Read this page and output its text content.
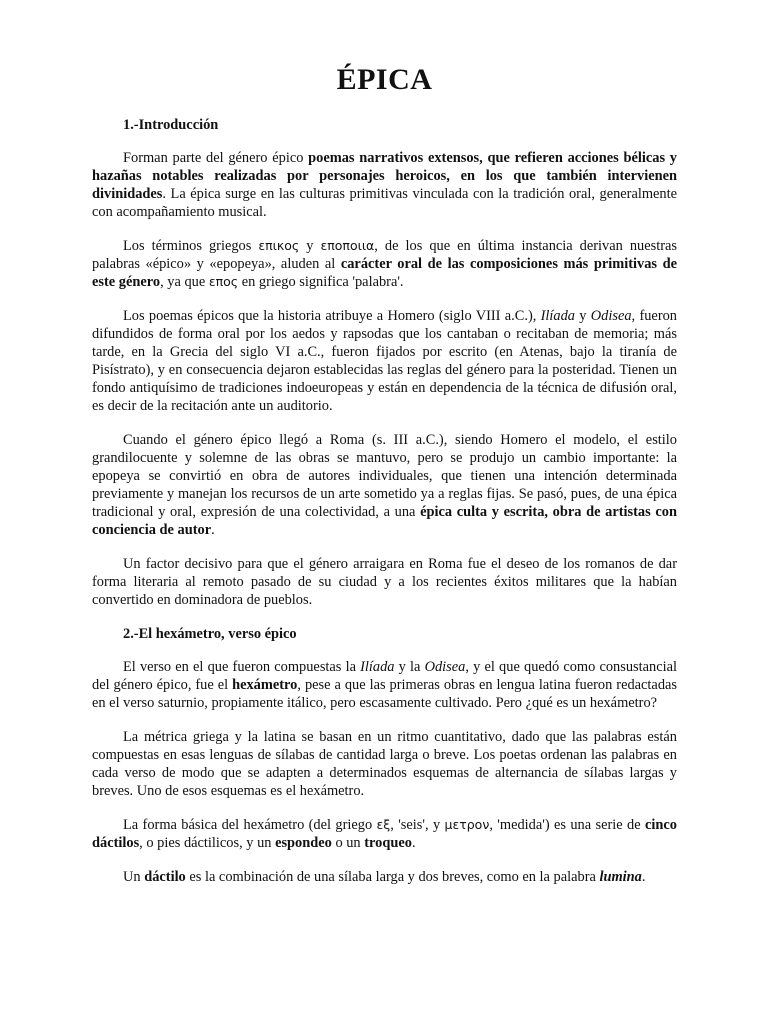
ÉPICA
1.-Introducción

Forman parte del género épico poemas narrativos extensos, que refieren acciones bélicas y hazañas notables realizadas por personajes heroicos, en los que también intervienen divinidades. La épica surge en las culturas primitivas vinculada con la tradición oral, generalmente con acompañamiento musical.

Los términos griegos επικος y εποποιια, de los que en última instancia derivan nuestras palabras «épico» y «epopeya», aluden al carácter oral de las composiciones más primitivas de este género, ya que επος en griego significa 'palabra'.

Los poemas épicos que la historia atribuye a Homero (siglo VIII a.C.), Ilíada y Odisea, fueron difundidos de forma oral por los aedos y rapsodas que los cantaban o recitaban de memoria; más tarde, en la Grecia del siglo VI a.C., fueron fijados por escrito (en Atenas, bajo la tiranía de Pisístrato), y en consecuencia dejaron establecidas las reglas del género para la posteridad. Tienen un fondo antiquísimo de tradiciones indoeuropeas y están en dependencia de la técnica de difusión oral, es decir de la recitación ante un auditorio.

Cuando el género épico llegó a Roma (s. III a.C.), siendo Homero el modelo, el estilo grandilocuente y solemne de las obras se mantuvo, pero se produjo un cambio importante: la epopeya se convirtió en obra de autores individuales, que tienen una intención determinada previamente y manejan los recursos de un arte sometido ya a reglas fijas. Se pasó, pues, de una épica tradicional y oral, expresión de una colectividad, a una épica culta y escrita, obra de artistas con conciencia de autor.

Un factor decisivo para que el género arraigara en Roma fue el deseo de los romanos de dar forma literaria al remoto pasado de su ciudad y a los recientes éxitos militares que la habían convertido en dominadora de pueblos.

2.-El hexámetro, verso épico

El verso en el que fueron compuestas la Ilíada y la Odisea, y el que quedó como consustancial del género épico, fue el hexámetro, pese a que las primeras obras en lengua latina fueron redactadas en el verso saturnio, propiamente itálico, pero escasamente cultivado. Pero ¿qué es un hexámetro?

La métrica griega y la latina se basan en un ritmo cuantitativo, dado que las palabras están compuestas en esas lenguas de sílabas de cantidad larga o breve. Los poetas ordenan las palabras en cada verso de modo que se adapten a determinados esquemas de alternancia de sílabas largas y breves. Uno de esos esquemas es el hexámetro.

La forma básica del hexámetro (del griego εξ, 'seis', y μετρον, 'medida') es una serie de cinco dáctilos, o pies dáctilicos, y un espondeo o un troqueo.

Un dáctilo es la combinación de una sílaba larga y dos breves, como en la palabra lumina.
